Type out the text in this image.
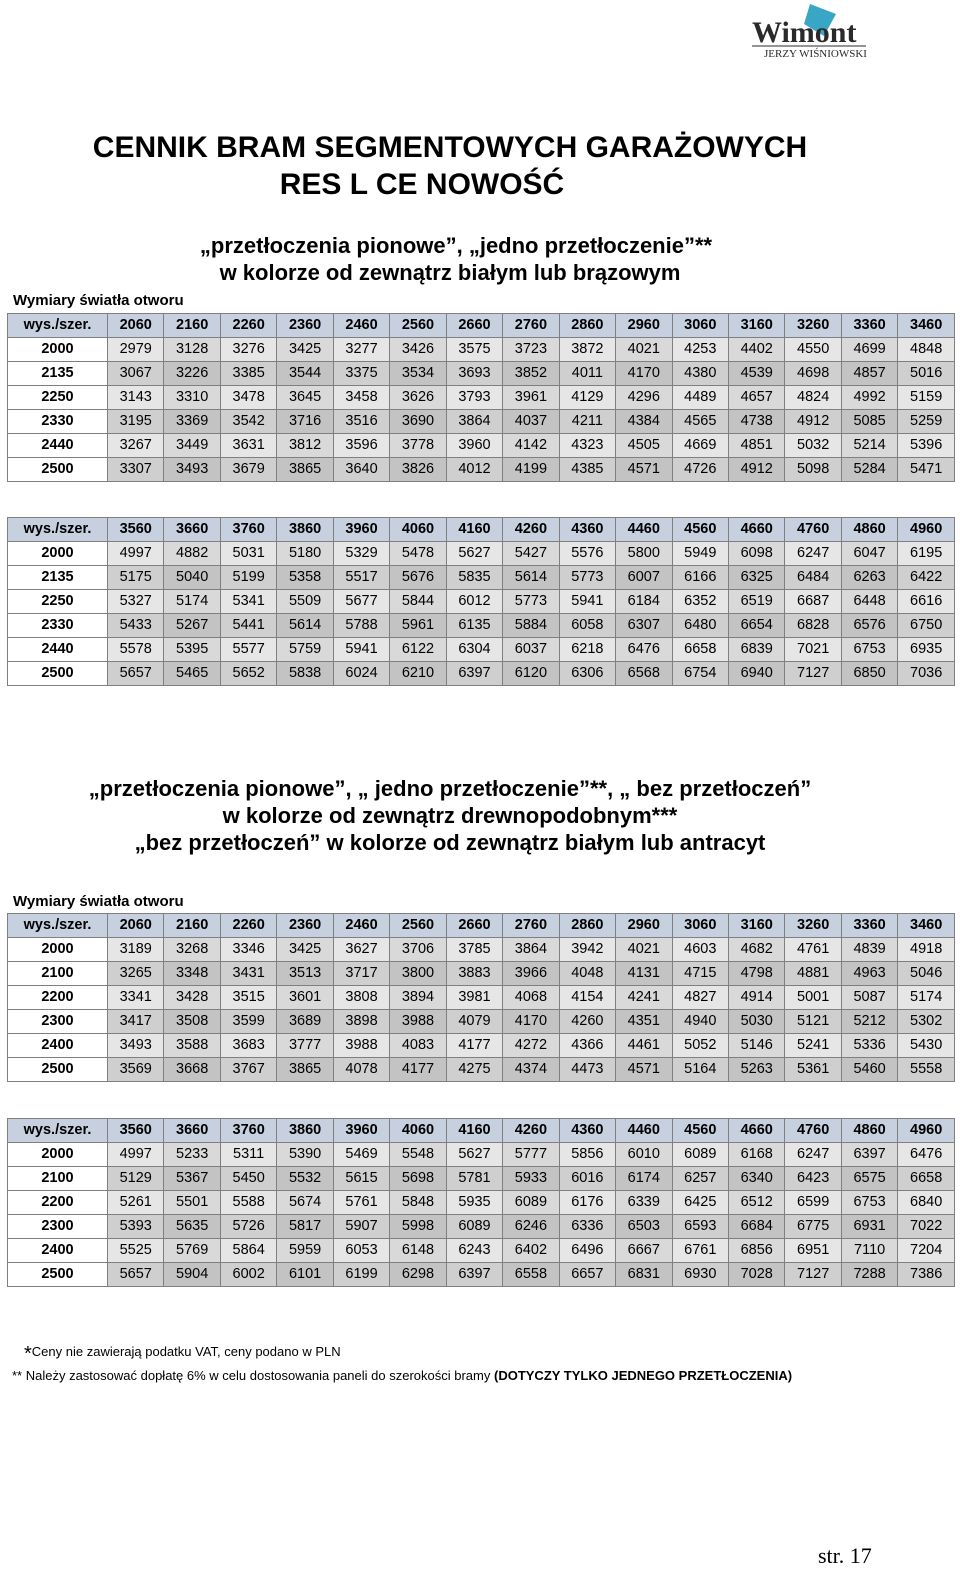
Wimont
JERZY WIŚNIOWSKI
CENNIK BRAM SEGMENTOWYCH GARAŻOWYCH
RES L CE NOWOŚĆ
„przetłoczenia pionowe”, „jedno przetłoczenie”**
w kolorze od zewnątrz białym lub brązowym
Wymiary światła otworu
wys./szer.	2060	2160	2260	2360	2460	2560	2660	2760	2860	2960	3060	3160	3260	3360	3460
2000	2979	3128	3276	3425	3277	3426	3575	3723	3872	4021	4253	4402	4550	4699	4848
2135	3067	3226	3385	3544	3375	3534	3693	3852	4011	4170	4380	4539	4698	4857	5016
2250	3143	3310	3478	3645	3458	3626	3793	3961	4129	4296	4489	4657	4824	4992	5159
2330	3195	3369	3542	3716	3516	3690	3864	4037	4211	4384	4565	4738	4912	5085	5259
2440	3267	3449	3631	3812	3596	3778	3960	4142	4323	4505	4669	4851	5032	5214	5396
2500	3307	3493	3679	3865	3640	3826	4012	4199	4385	4571	4726	4912	5098	5284	5471
wys./szer.	3560	3660	3760	3860	3960	4060	4160	4260	4360	4460	4560	4660	4760	4860	4960
2000	4997	4882	5031	5180	5329	5478	5627	5427	5576	5800	5949	6098	6247	6047	6195
2135	5175	5040	5199	5358	5517	5676	5835	5614	5773	6007	6166	6325	6484	6263	6422
2250	5327	5174	5341	5509	5677	5844	6012	5773	5941	6184	6352	6519	6687	6448	6616
2330	5433	5267	5441	5614	5788	5961	6135	5884	6058	6307	6480	6654	6828	6576	6750
2440	5578	5395	5577	5759	5941	6122	6304	6037	6218	6476	6658	6839	7021	6753	6935
2500	5657	5465	5652	5838	6024	6210	6397	6120	6306	6568	6754	6940	7127	6850	7036
„przetłoczenia pionowe”, „ jedno przetłoczenie”**, „ bez przetłoczeń”
w kolorze od zewnątrz drewnopodobnym***
„bez przetłoczeń” w kolorze od zewnątrz białym lub antracyt
Wymiary światła otworu
wys./szer.	2060	2160	2260	2360	2460	2560	2660	2760	2860	2960	3060	3160	3260	3360	3460
2000	3189	3268	3346	3425	3627	3706	3785	3864	3942	4021	4603	4682	4761	4839	4918
2100	3265	3348	3431	3513	3717	3800	3883	3966	4048	4131	4715	4798	4881	4963	5046
2200	3341	3428	3515	3601	3808	3894	3981	4068	4154	4241	4827	4914	5001	5087	5174
2300	3417	3508	3599	3689	3898	3988	4079	4170	4260	4351	4940	5030	5121	5212	5302
2400	3493	3588	3683	3777	3988	4083	4177	4272	4366	4461	5052	5146	5241	5336	5430
2500	3569	3668	3767	3865	4078	4177	4275	4374	4473	4571	5164	5263	5361	5460	5558
wys./szer.	3560	3660	3760	3860	3960	4060	4160	4260	4360	4460	4560	4660	4760	4860	4960
2000	4997	5233	5311	5390	5469	5548	5627	5777	5856	6010	6089	6168	6247	6397	6476
2100	5129	5367	5450	5532	5615	5698	5781	5933	6016	6174	6257	6340	6423	6575	6658
2200	5261	5501	5588	5674	5761	5848	5935	6089	6176	6339	6425	6512	6599	6753	6840
2300	5393	5635	5726	5817	5907	5998	6089	6246	6336	6503	6593	6684	6775	6931	7022
2400	5525	5769	5864	5959	6053	6148	6243	6402	6496	6667	6761	6856	6951	7110	7204
2500	5657	5904	6002	6101	6199	6298	6397	6558	6657	6831	6930	7028	7127	7288	7386
*Ceny nie zawierają podatku VAT, ceny podano w PLN
** Należy zastosować dopłatę 6% w celu dostosowania paneli do szerokości bramy (DOTYCZY TYLKO JEDNEGO PRZETŁOCZENIA)
str. 17
